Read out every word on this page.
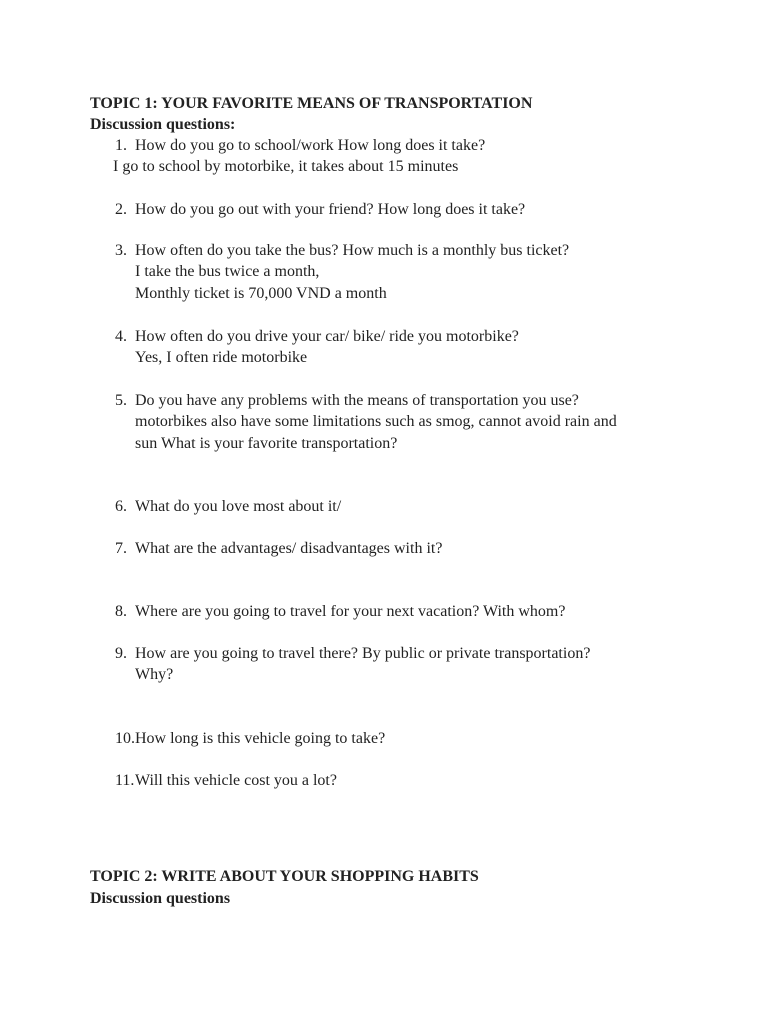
TOPIC 1: YOUR FAVORITE MEANS OF TRANSPORTATION
Discussion questions:
1. How do you go to school/work How long does it take?
I go to school by motorbike, it takes about 15 minutes
2. How do you go out with your friend? How long does it take?
3. How often do you take the bus? How much is a monthly bus ticket?
I take the bus twice a month,
Monthly ticket is 70,000 VND a month
4. How often do you drive your car/ bike/ ride you motorbike?
Yes, I often ride motorbike
5. Do you have any problems with the means of transportation you use?
motorbikes also have some limitations such as smog, cannot avoid rain and
sun What is your favorite transportation?
6. What do you love most about it/
7. What are the advantages/ disadvantages with it?
8. Where are you going to travel for your next vacation? With whom?
9. How are you going to travel there? By public or private transportation?
Why?
10. How long is this vehicle going to take?
11. Will this vehicle cost you a lot?
TOPIC 2: WRITE ABOUT YOUR SHOPPING HABITS
Discussion questions
